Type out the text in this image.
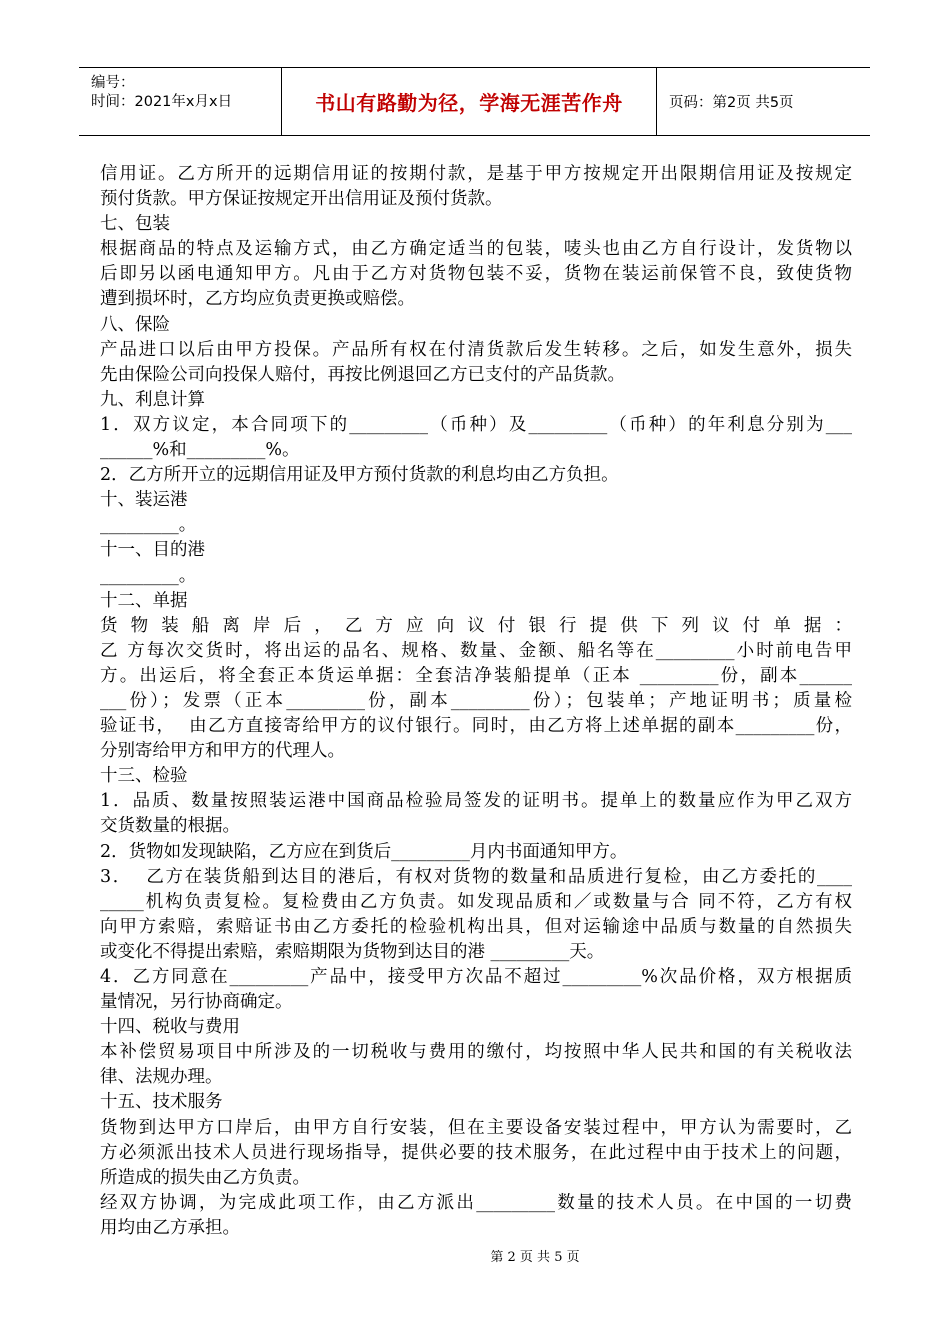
编号：
时间：2021年x月x日	书山有路勤为径，学海无涯苦作舟	页码：第2页 共5页
信用证。乙方所开的远期信用证的按期付款，是基于甲方按规定开出限期信用证及按规定
预付货款。甲方保证按规定开出信用证及预付货款。
七、包装
根据商品的特点及运输方式，由乙方确定适当的包装，唛头也由乙方自行设计，发货物以
后即另以函电通知甲方。凡由于乙方对货物包装不妥，货物在装运前保管不良，致使货物
遭到损坏时，乙方均应负责更换或赔偿。
八、保险
产品进口以后由甲方投保。产品所有权在付清货款后发生转移。之后，如发生意外，损失
先由保险公司向投保人赔付，再按比例退回乙方已支付的产品货款。
九、利息计算
1．双方议定，本合同项下的_________（币种）及_________（币种）的年利息分别为___
______%和_________%。
2．乙方所开立的远期信用证及甲方预付货款的利息均由乙方负担。
十、装运港
_________。
十一、目的港
_________。
十二、单据
货物装船离岸后，乙方应向议付银行提供下列议付单据：
乙 方每次交货时，将出运的品名、规格、数量、金额、船名等在_________小时前电告甲
方。出运后，将全套正本货运单据：全套洁净装船提单（正本 _________份，副本______
___份）；发票（正本_________份，副本_________份）；包装单；产地证明书；质量检
验证书，  由乙方直接寄给甲方的议付银行。同时，由乙方将上述单据的副本_________份，
分别寄给甲方和甲方的代理人。
十三、检验
1．品质、数量按照装运港中国商品检验局签发的证明书。提单上的数量应作为甲乙双方
交货数量的根据。
2．货物如发现缺陷，乙方应在到货后_________月内书面通知甲方。
3．  乙方在装货船到达目的港后，有权对货物的数量和品质进行复检，由乙方委托的____
_____机构负责复检。复检费由乙方负责。如发现品质和／或数量与合 同不符，乙方有权
向甲方索赔，索赔证书由乙方委托的检验机构出具，但对运输途中品质与数量的自然损失
或变化不得提出索赔，索赔期限为货物到达目的港 _________天。
4．乙方同意在_________产品中，接受甲方次品不超过_________%次品价格，双方根据质
量情况，另行协商确定。
十四、税收与费用
本补偿贸易项目中所涉及的一切税收与费用的缴付，均按照中华人民共和国的有关税收法
律、法规办理。
十五、技术服务
货物到达甲方口岸后，由甲方自行安装，但在主要设备安装过程中，甲方认为需要时，乙
方必须派出技术人员进行现场指导，提供必要的技术服务，在此过程中由于技术上的问题，
所造成的损失由乙方负责。
经双方协调，为完成此项工作，由乙方派出_________数量的技术人员。在中国的一切费
用均由乙方承担。
第 2 页 共 5 页
